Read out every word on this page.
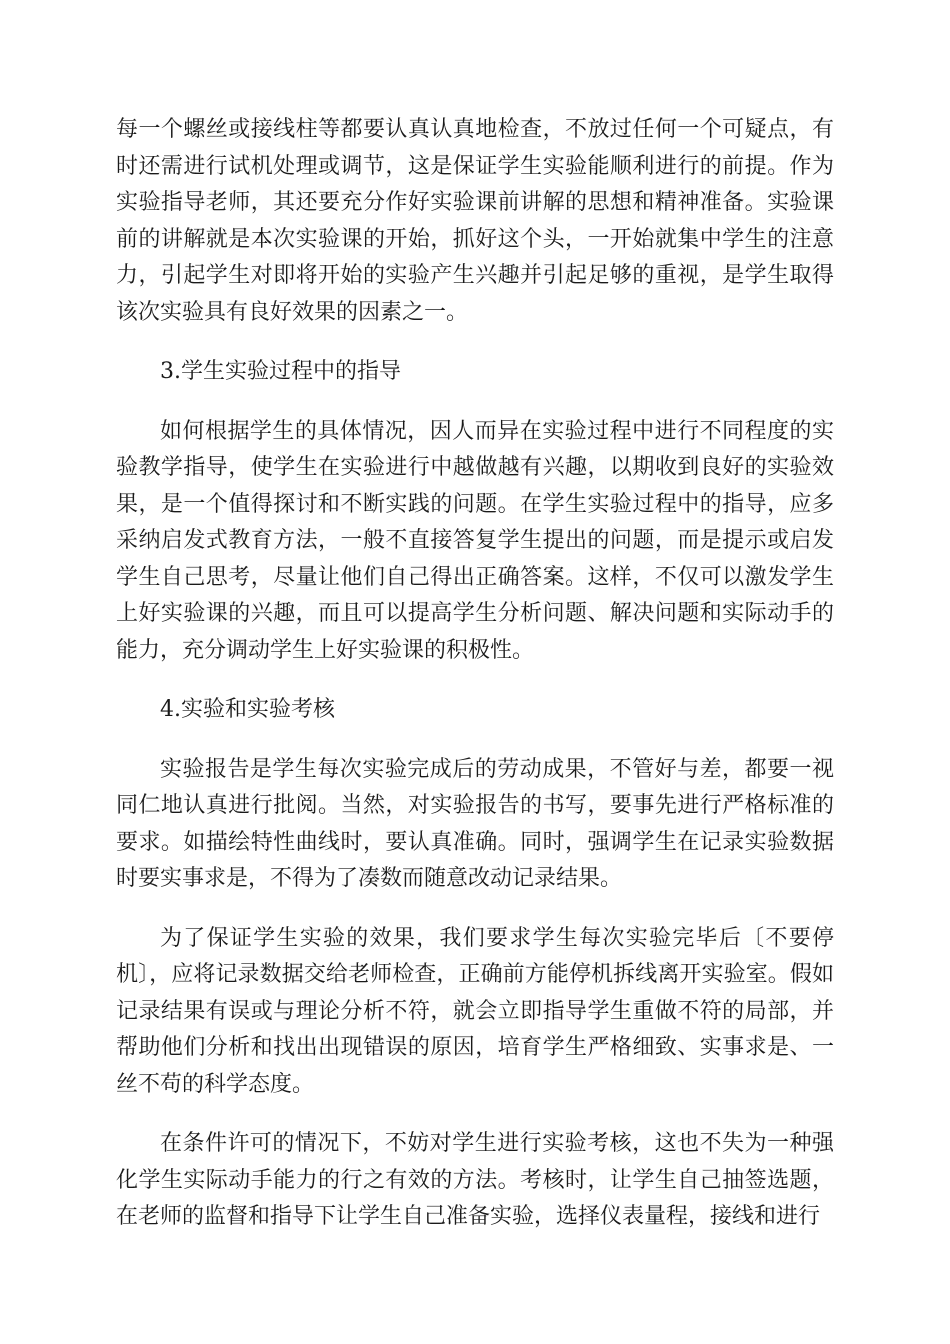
每一个螺丝或接线柱等都要认真认真地检查，不放过任何一个可疑点，有时还需进行试机处理或调节，这是保证学生实验能顺利进行的前提。作为实验指导老师，其还要充分作好实验课前讲解的思想和精神准备。实验课前的讲解就是本次实验课的开始，抓好这个头，一开始就集中学生的注意力，引起学生对即将开始的实验产生兴趣并引起足够的重视，是学生取得该次实验具有良好效果的因素之一。

3.学生实验过程中的指导

如何根据学生的具体情况，因人而异在实验过程中进行不同程度的实验教学指导，使学生在实验进行中越做越有兴趣，以期收到良好的实验效果，是一个值得探讨和不断实践的问题。在学生实验过程中的指导，应多采纳启发式教育方法，一般不直接答复学生提出的问题，而是提示或启发学生自己思考，尽量让他们自己得出正确答案。这样，不仅可以激发学生上好实验课的兴趣，而且可以提高学生分析问题、解决问题和实际动手的能力，充分调动学生上好实验课的积极性。

4.实验和实验考核

实验报告是学生每次实验完成后的劳动成果，不管好与差，都要一视同仁地认真进行批阅。当然，对实验报告的书写，要事先进行严格标准的要求。如描绘特性曲线时，要认真准确。同时，强调学生在记录实验数据时要实事求是，不得为了凑数而随意改动记录结果。

为了保证学生实验的效果，我们要求学生每次实验完毕后〔不要停机〕，应将记录数据交给老师检查，正确前方能停机拆线离开实验室。假如记录结果有误或与理论分析不符，就会立即指导学生重做不符的局部，并帮助他们分析和找出出现错误的原因，培育学生严格细致、实事求是、一丝不苟的科学态度。

在条件许可的情况下，不妨对学生进行实验考核，这也不失为一种强化学生实际动手能力的行之有效的方法。考核时，让学生自己抽签选题，在老师的监督和指导下让学生自己准备实验，选择仪表量程，接线和进行
